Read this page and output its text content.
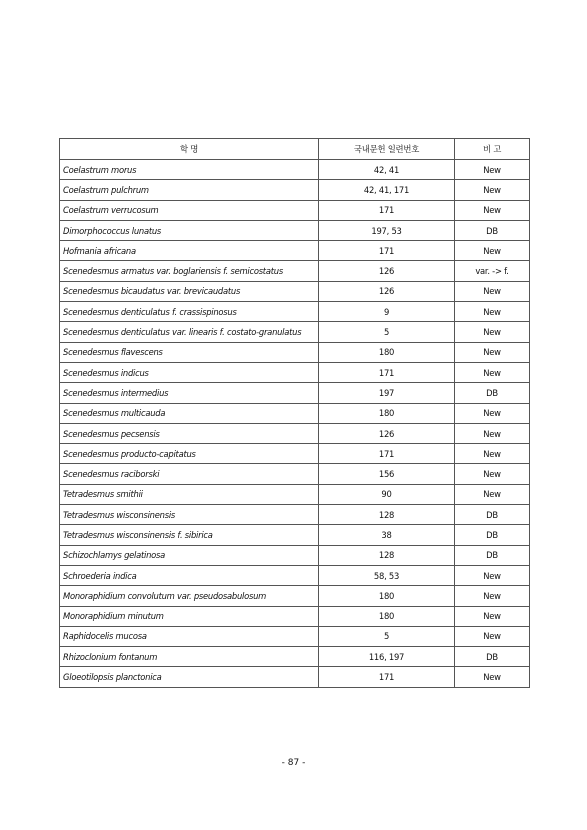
학 명	국내문헌 일련번호	비 고
Coelastrum morus	42, 41	New
Coelastrum pulchrum	42, 41, 171	New
Coelastrum verrucosum	171	New
Dimorphococcus lunatus	197, 53	DB
Hofmania africana	171	New
Scenedesmus armatus var. boglariensis f. semicostatus	126	var. -> f.
Scenedesmus bicaudatus var. brevicaudatus	126	New
Scenedesmus denticulatus f. crassispinosus	9	New
Scenedesmus denticulatus var. linearis f. costato-granulatus	5	New
Scenedesmus flavescens	180	New
Scenedesmus indicus	171	New
Scenedesmus intermedius	197	DB
Scenedesmus multicauda	180	New
Scenedesmus pecsensis	126	New
Scenedesmus producto-capitatus	171	New
Scenedesmus raciborski	156	New
Tetradesmus smithii	90	New
Tetradesmus wisconsinensis	128	DB
Tetradesmus wisconsinensis f. sibirica	38	DB
Schizochlamys gelatinosa	128	DB
Schroederia indica	58, 53	New
Monoraphidium convolutum var. pseudosabulosum	180	New
Monoraphidium minutum	180	New
Raphidocelis mucosa	5	New
Rhizoclonium fontanum	116, 197	DB
Gloeotilopsis planctonica	171	New
- 87 -
